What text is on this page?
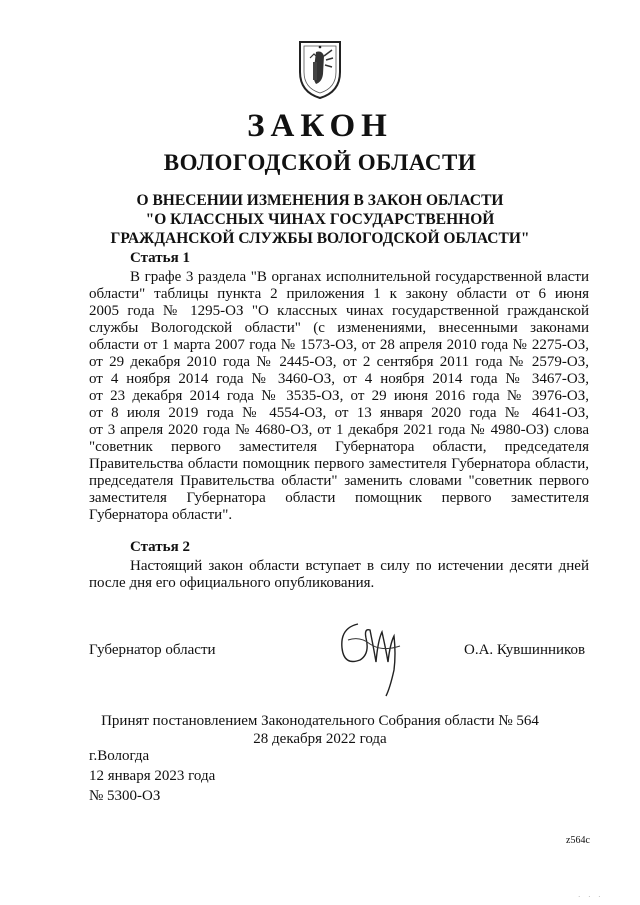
ЗАКОН
ВОЛОГОДСКОЙ ОБЛАСТИ
О ВНЕСЕНИИ ИЗМЕНЕНИЯ В ЗАКОН ОБЛАСТИ
"О КЛАССНЫХ ЧИНАХ ГОСУДАРСТВЕННОЙ
ГРАЖДАНСКОЙ СЛУЖБЫ ВОЛОГОДСКОЙ ОБЛАСТИ"
Статья 1
В графе 3 раздела "В органах исполнительной государственной власти
области" таблицы пункта 2 приложения 1 к закону области от 6 июня
2005 года № 1295-ОЗ "О классных чинах государственной гражданской
службы Вологодской области" (с изменениями, внесенными законами
области от 1 марта 2007 года № 1573-ОЗ, от 28 апреля 2010 года № 2275-ОЗ,
от 29 декабря 2010 года № 2445-ОЗ, от 2 сентября 2011 года № 2579-ОЗ,
от 4 ноября 2014 года № 3460-ОЗ, от 4 ноября 2014 года № 3467-ОЗ,
от 23 декабря 2014 года № 3535-ОЗ, от 29 июня 2016 года № 3976-ОЗ,
от 8 июля 2019 года № 4554-ОЗ, от 13 января 2020 года № 4641-ОЗ,
от 3 апреля 2020 года № 4680-ОЗ, от 1 декабря 2021 года № 4980-ОЗ) слова
"советник первого заместителя Губернатора области, председателя
Правительства области помощник первого заместителя Губернатора области,
председателя Правительства области" заменить словами "советник первого
заместителя Губернатора области помощник первого заместителя
Губернатора области".
Статья 2
Настоящий закон области вступает в силу по истечении десяти дней
после дня его официального опубликования.
Губернатор области	О.А. Кувшинников
Принят постановлением Законодательного Собрания области № 564
28 декабря 2022 года
г.Вологда
12 января 2023 года
№ 5300-ОЗ
z564c
· · ·
